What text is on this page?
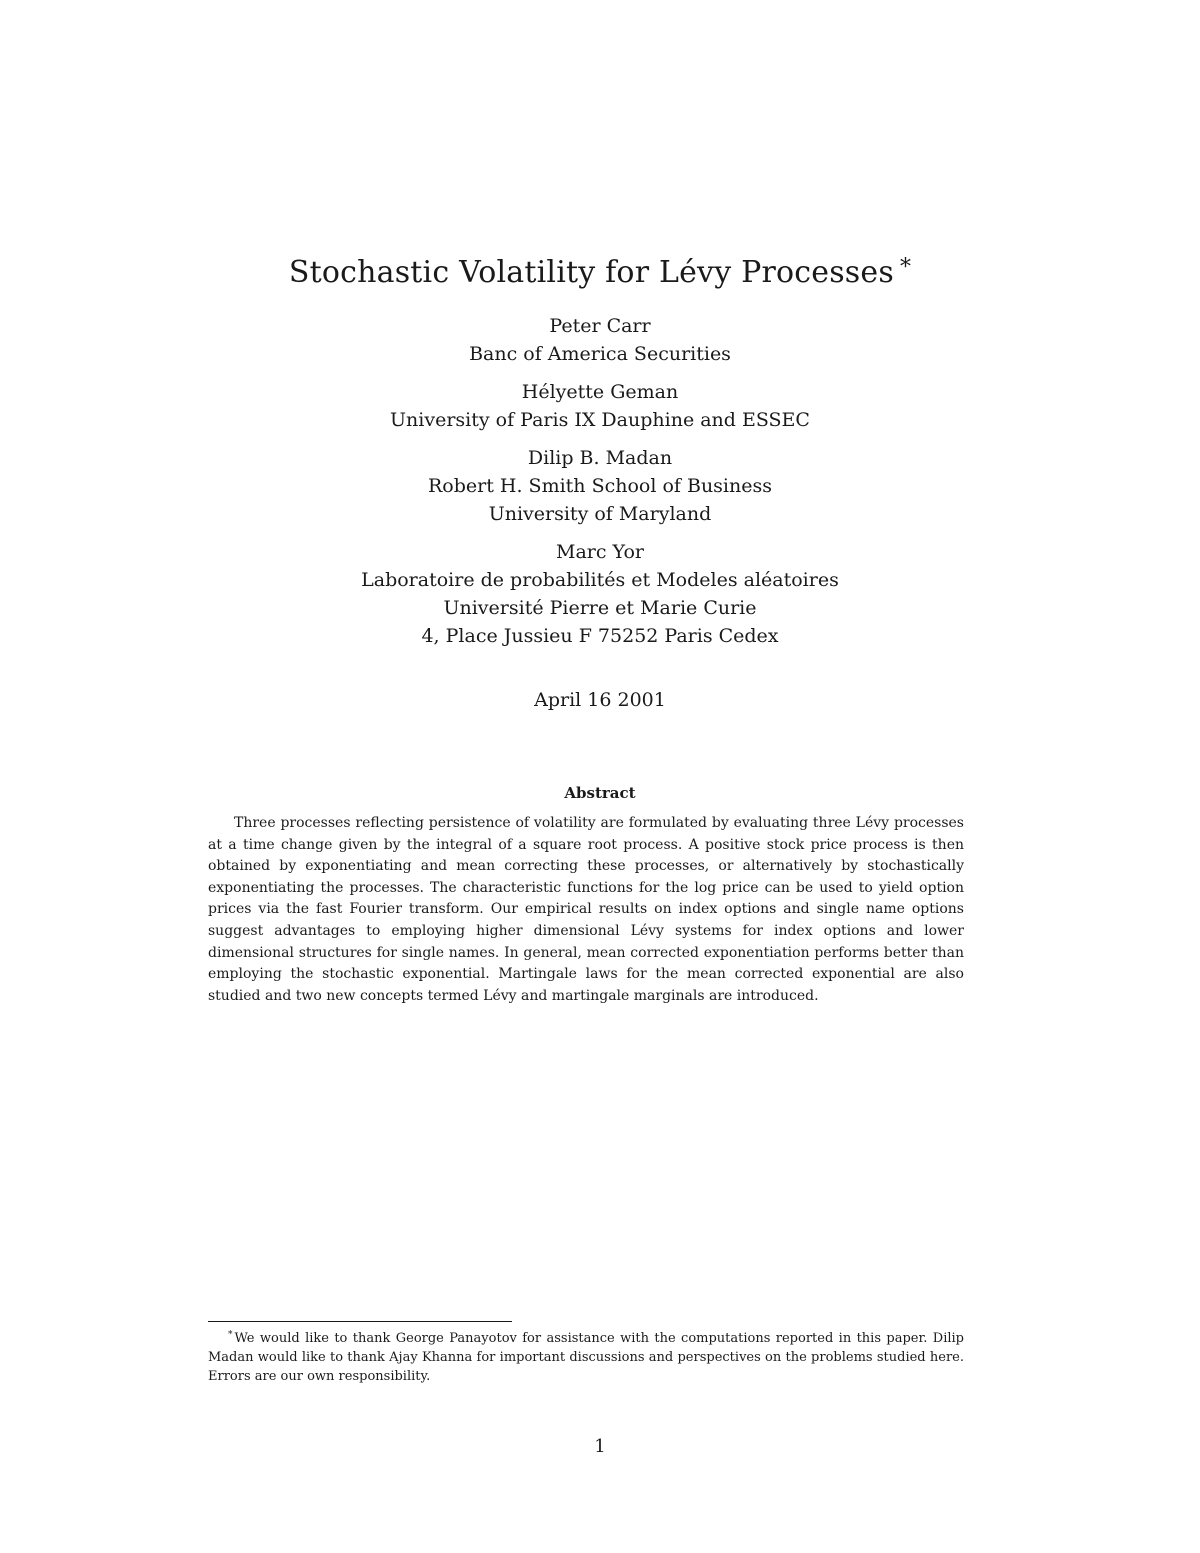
Stochastic Volatility for Lévy Processes *
Peter Carr
Banc of America Securities
Hélyette Geman
University of Paris IX Dauphine and ESSEC
Dilip B. Madan
Robert H. Smith School of Business
University of Maryland
Marc Yor
Laboratoire de probabilités et Modeles aléatoires
Université Pierre et Marie Curie
4, Place Jussieu F 75252 Paris Cedex
April 16 2001
Abstract

Three processes reflecting persistence of volatility are formulated by evaluating three Lévy processes at a time change given by the integral of a square root process. A positive stock price process is then obtained by exponentiating and mean correcting these processes, or alternatively by stochastically exponentiating the processes. The characteristic functions for the log price can be used to yield option prices via the fast Fourier transform. Our empirical results on index options and single name options suggest advantages to employing higher dimensional Lévy systems for index options and lower dimensional structures for single names. In general, mean corrected exponentiation performs better than employing the stochastic exponential. Martingale laws for the mean corrected exponential are also studied and two new concepts termed Lévy and martingale marginals are introduced.

* We would like to thank George Panayotov for assistance with the computations reported in this paper. Dilip Madan would like to thank Ajay Khanna for important discussions and perspectives on the problems studied here. Errors are our own responsibility.

1
